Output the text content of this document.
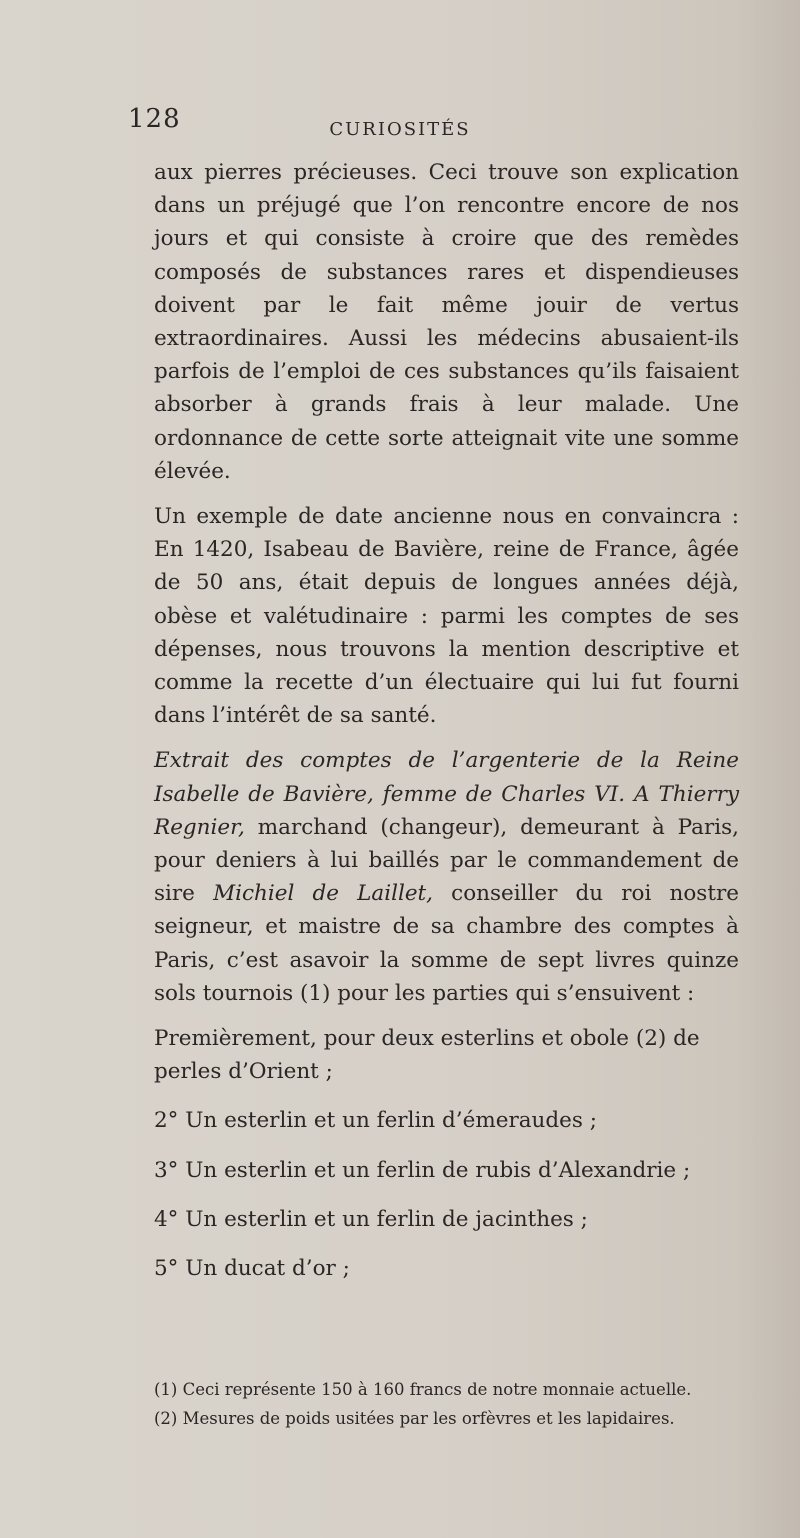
128	CURIOSITÉS

aux pierres précieuses. Ceci trouve son explication dans un préjugé que l’on rencontre encore de nos jours et qui consiste à croire que des remèdes composés de substances rares et dispendieuses doivent par le fait même jouir de vertus extraordinaires. Aussi les médecins abusaient-ils parfois de l’emploi de ces substances qu’ils faisaient absorber à grands frais à leur malade. Une ordonnance de cette sorte atteignait vite une somme élevée.

Un exemple de date ancienne nous en convaincra : En 1420, Isabeau de Bavière, reine de France, âgée de 50 ans, était depuis de longues années déjà, obèse et valétudinaire : parmi les comptes de ses dépenses, nous trouvons la mention descriptive et comme la recette d’un électuaire qui lui fut fourni dans l’intérêt de sa santé.

Extrait des comptes de l’argenterie de la Reine Isabelle de Bavière, femme de Charles VI. A Thierry Regnier, marchand (changeur), demeurant à Paris, pour deniers à lui baillés par le commandement de sire Michiel de Laillet, conseiller du roi nostre seigneur, et maistre de sa chambre des comptes à Paris, c’est asavoir la somme de sept livres quinze sols tournois (1) pour les parties qui s’ensuivent :

Premièrement, pour deux esterlins et obole (2) de perles d’Orient ;

2° Un esterlin et un ferlin d’émeraudes ;

3° Un esterlin et un ferlin de rubis d’Alexandrie ;

4° Un esterlin et un ferlin de jacinthes ;

5° Un ducat d’or ;

(1) Ceci représente 150 à 160 francs de notre monnaie actuelle.

(2) Mesures de poids usitées par les orfèvres et les lapidaires.
